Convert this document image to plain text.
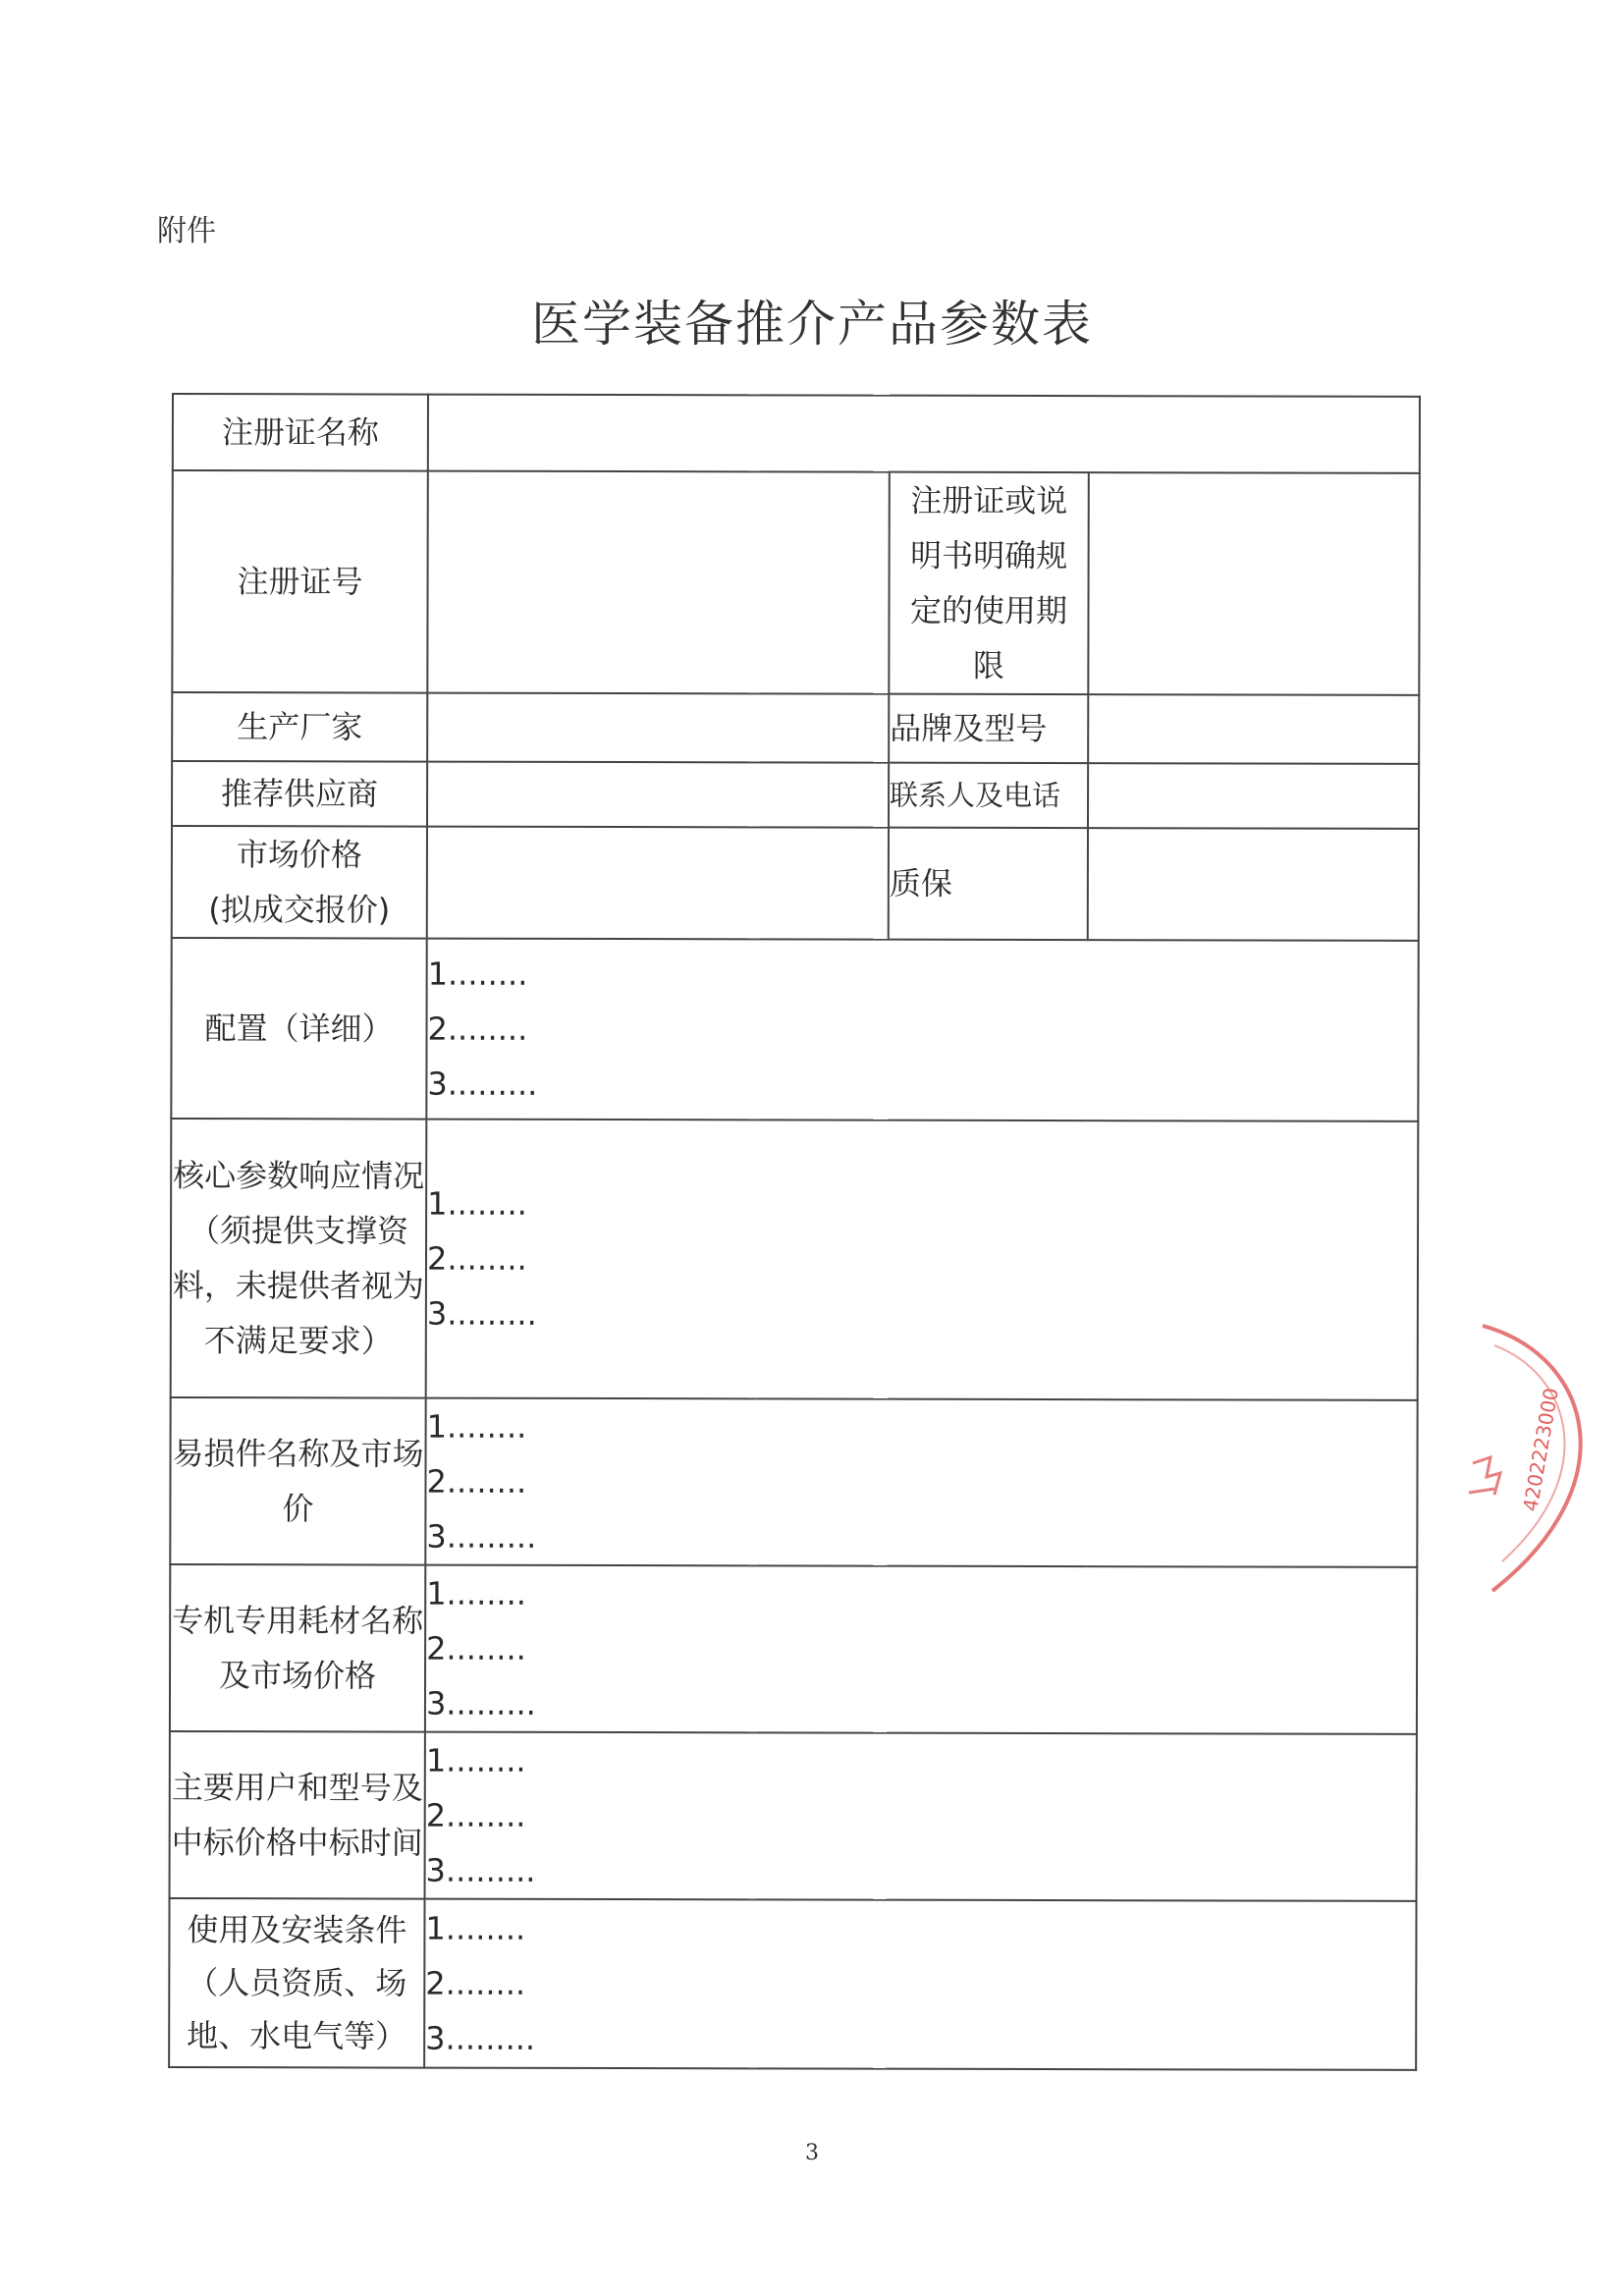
附件
医学装备推介产品参数表
注册证名称			
注册证号		注册证或说明书明确规定的使用期限	
生产厂家		品牌及型号	
推荐供应商		联系人及电话	

市场价格
(拟成交报价)		质保	
配置（详细）	1........
2........
3.........		

核心参数响应情况（须提供支撑资料，未提供者视为不满足要求）	1........
2........
3.........		

易损件名称及市场价	1........
2........
3.........		

专机专用耗材名称及市场价格	1........
2........
3.........		

主要用户和型号及中标价格中标时间	1........
2........
3.........		

使用及安装条件（人员资质、场地、水电气等）	1........
2........
3.........		
4202223000
3
